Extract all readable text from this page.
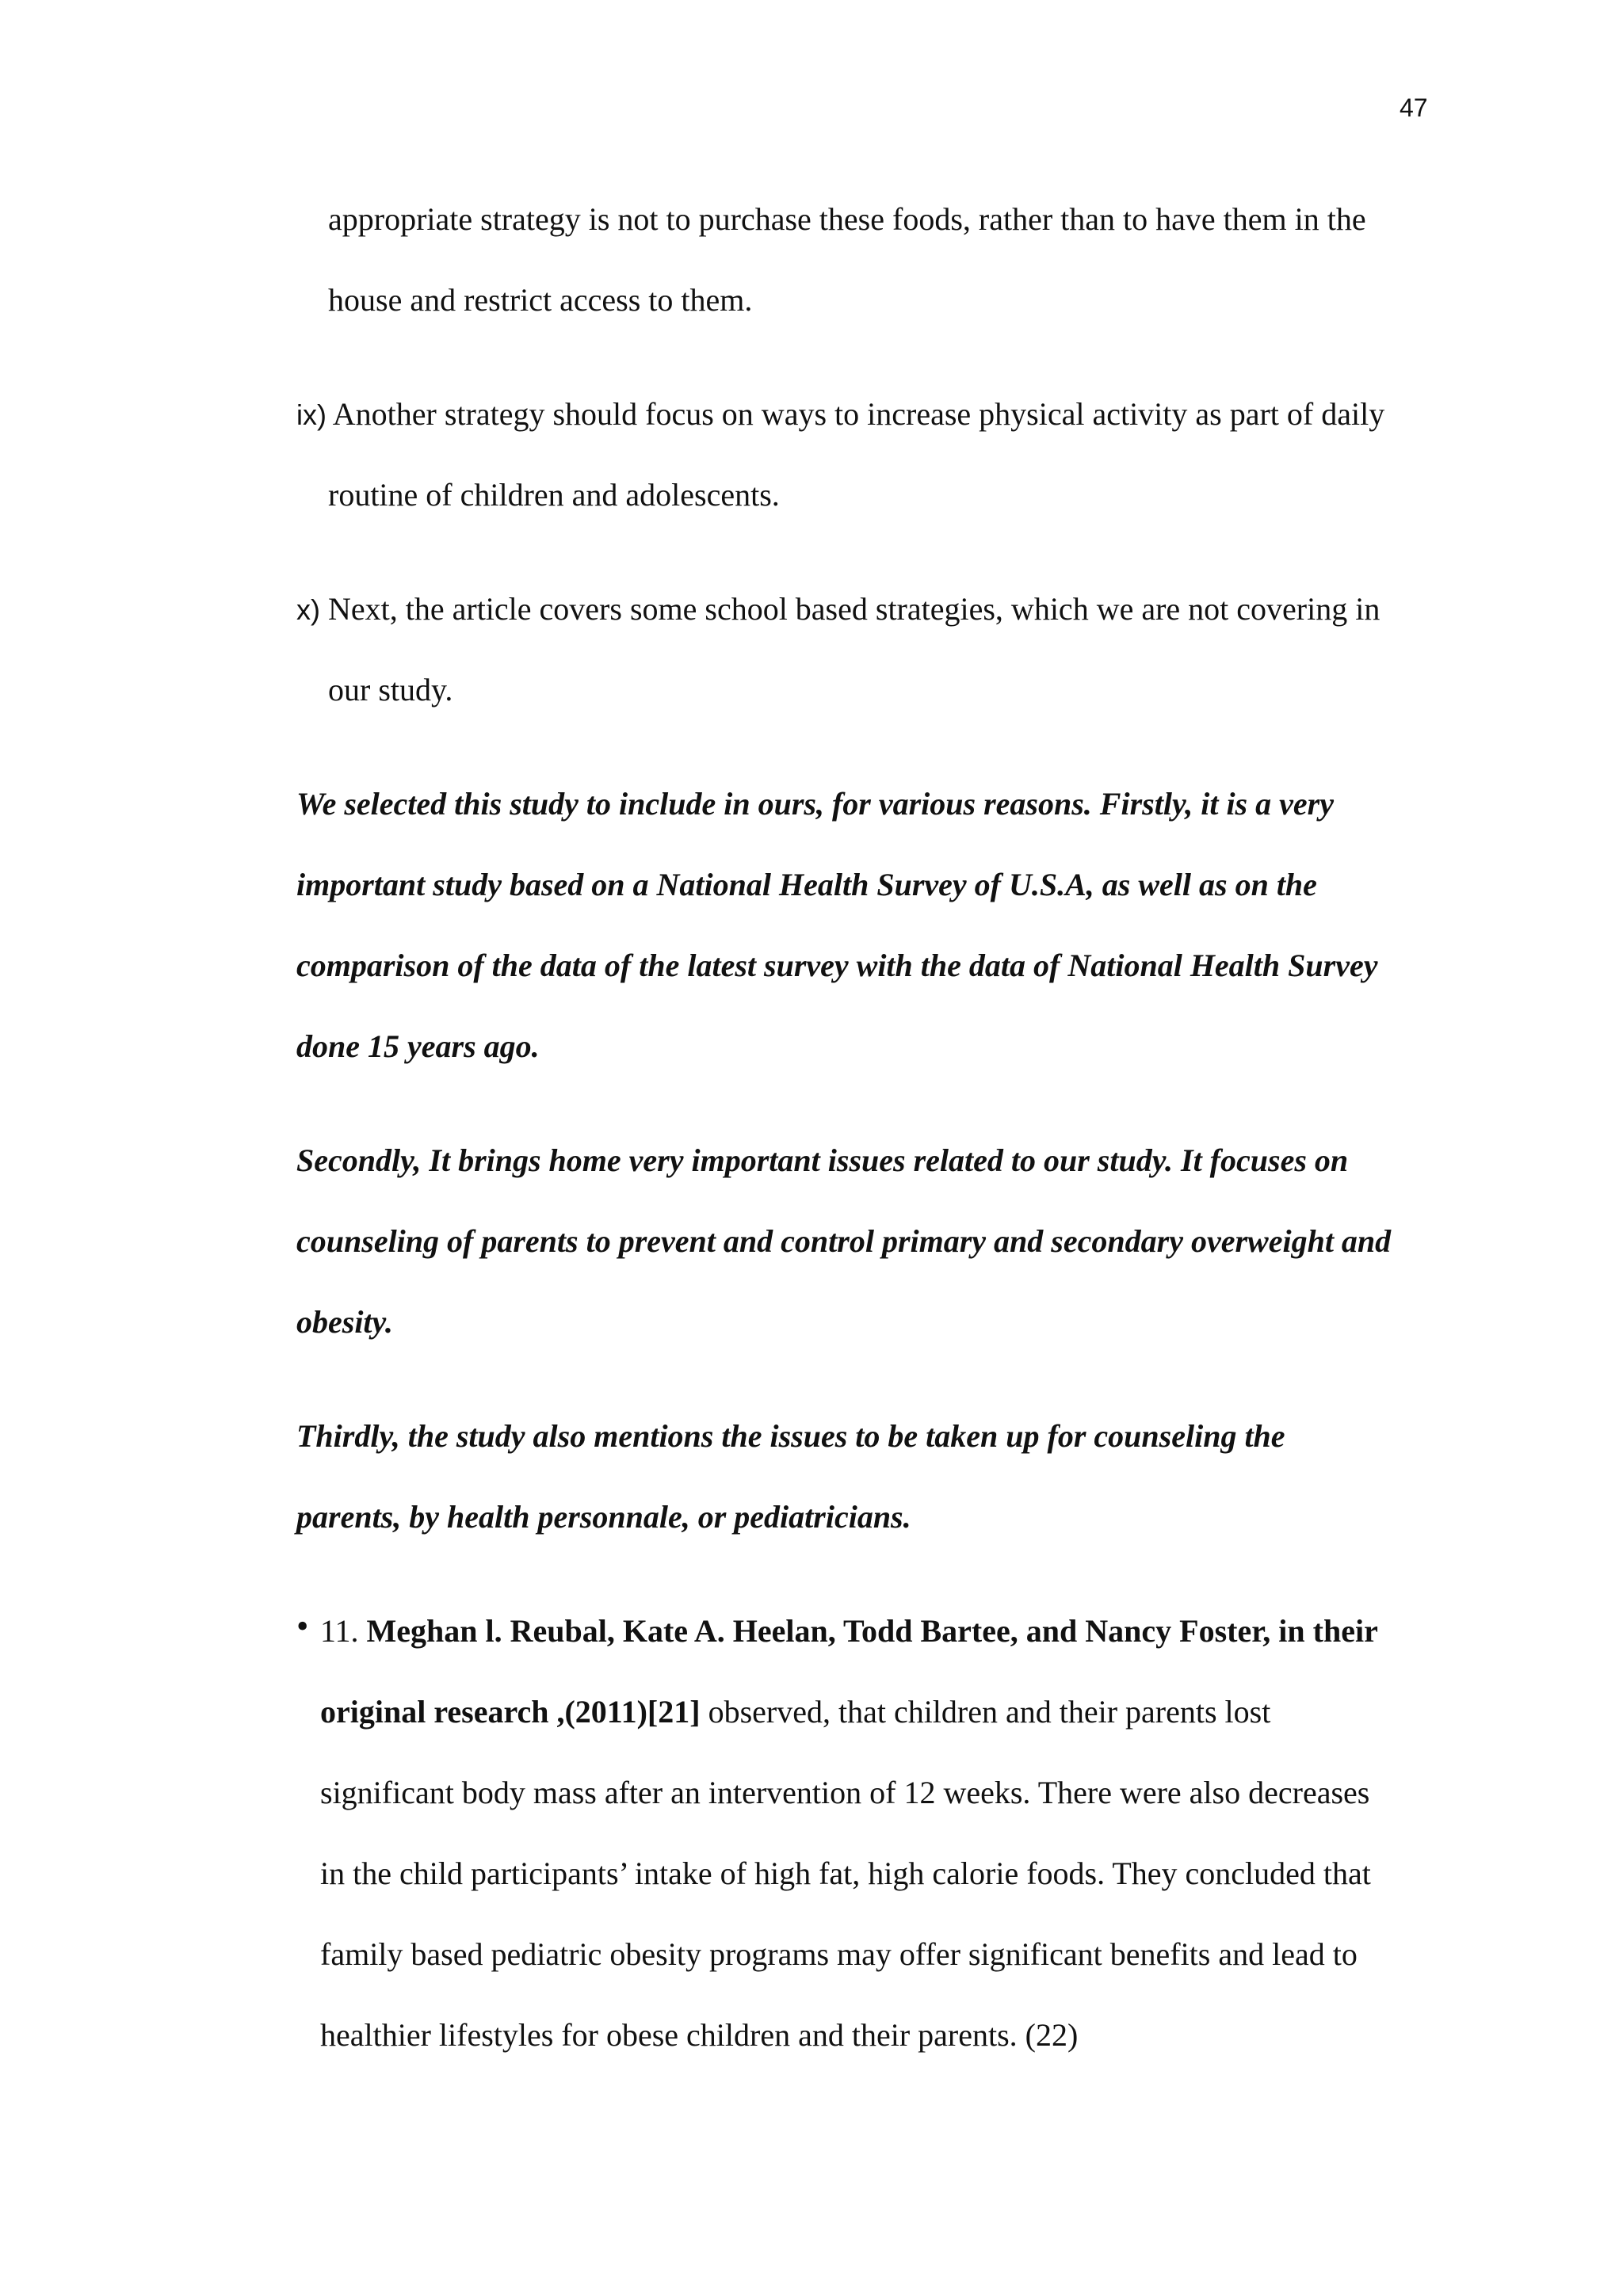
47
appropriate strategy is not to purchase these foods, rather than to have them in the
house and restrict access to them.
ix) Another strategy should focus on ways to increase physical activity as part of daily
routine of children and adolescents.
x) Next, the article covers some school based strategies, which we are not covering in
our study.
We selected this study to include in ours, for various reasons. Firstly, it is a very
important study based on a National Health Survey of U.S.A, as well as on the
comparison of the data of the latest survey with the data of National Health Survey
done 15 years ago.
Secondly, It brings home very important issues related to our study. It focuses on
counseling of parents to prevent and control primary and secondary overweight and
obesity.
Thirdly, the study also mentions the issues to be taken up for counseling the
parents, by health personnale, or pediatricians.
• 11. Meghan l. Reubal, Kate A. Heelan, Todd Bartee, and Nancy Foster, in their
original research ,(2011)[21] observed, that children and their parents lost
significant body mass after an intervention of 12 weeks. There were also decreases
in the child participants’ intake of high fat, high calorie foods. They concluded that
family based pediatric obesity programs may offer significant benefits and lead to
healthier lifestyles for obese children and their parents. (22)
